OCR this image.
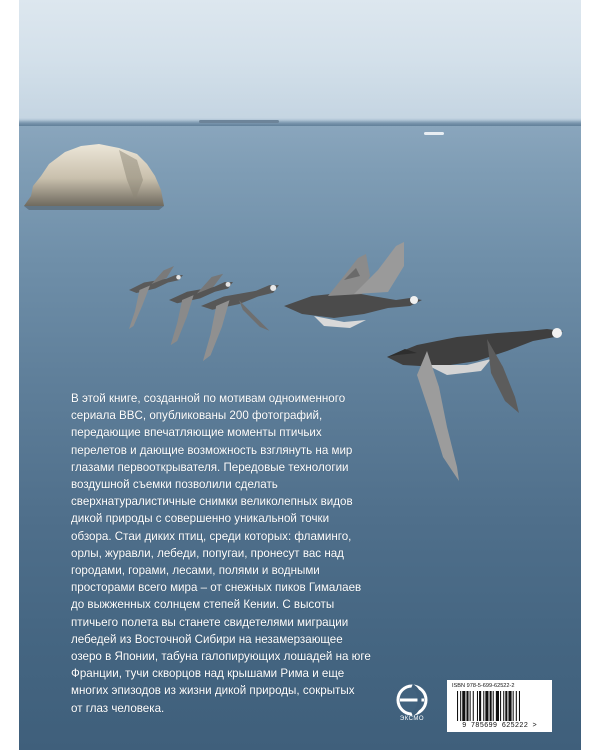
В этой книге, созданной по мотивам одноименного
сериала BBC, опубликованы 200 фотографий,
передающие впечатляющие моменты птичьих
перелетов и дающие возможность взглянуть на мир
глазами первооткрывателя. Передовые технологии
воздушной съемки позволили сделать
сверхнатуралистичные снимки великолепных видов
дикой природы с совершенно уникальной точки
обзора. Стаи диких птиц, среди которых: фламинго,
орлы, журавли, лебеди, попугаи, пронесут вас над
городами, горами, лесами, полями и водными
просторами всего мира – от снежных пиков Гималаев
до выжженных солнцем степей Кении. С высоты
птичьего полета вы станете свидетелями миграции
лебедей из Восточной Сибири на незамерзающее
озеро в Японии, табуна галопирующих лошадей на юге
Франции, тучи скворцов над крышами Рима и еще
многих эпизодов из жизни дикой природы, сокрытых
от глаз человека.

ЭКСМО
ISBN 978-5-699-62522-2
9 785699 625222 >
